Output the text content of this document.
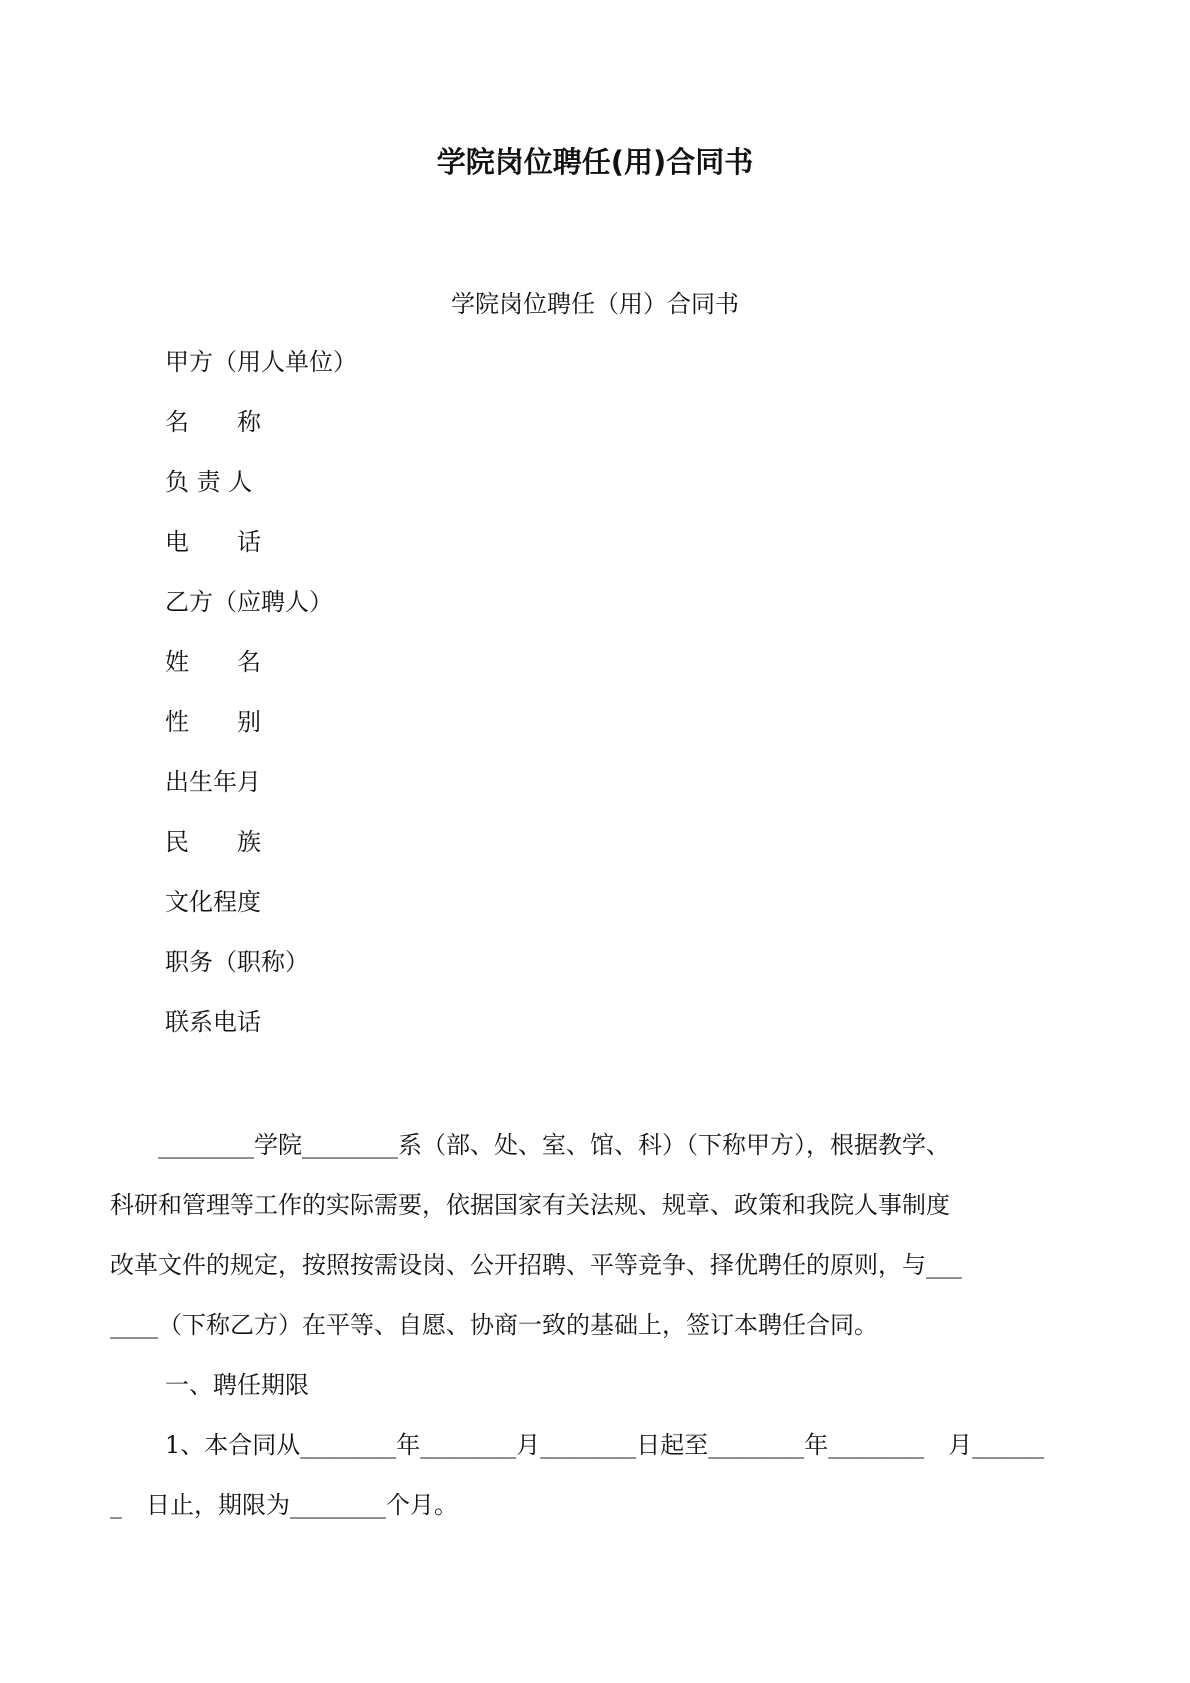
学院岗位聘任(用)合同书
学院岗位聘任（用）合同书
甲方（用人单位）
名　　称
负 责 人
电　　话
乙方（应聘人）
姓　　名
性　　别
出生年月
民　　族
文化程度
职务（职称）
联系电话
　　________学院________系（部、处、室、馆、科）（下称甲方），根据教学、
科研和管理等工作的实际需要，依据国家有关法规、规章、政策和我院人事制度
改革文件的规定，按照按需设岗、公开招聘、平等竞争、择优聘任的原则，与___
____（下称乙方）在平等、自愿、协商一致的基础上，签订本聘任合同。
一、聘任期限
1、本合同从________年________月________日起至________年________　月______
_　日止，期限为________个月。
